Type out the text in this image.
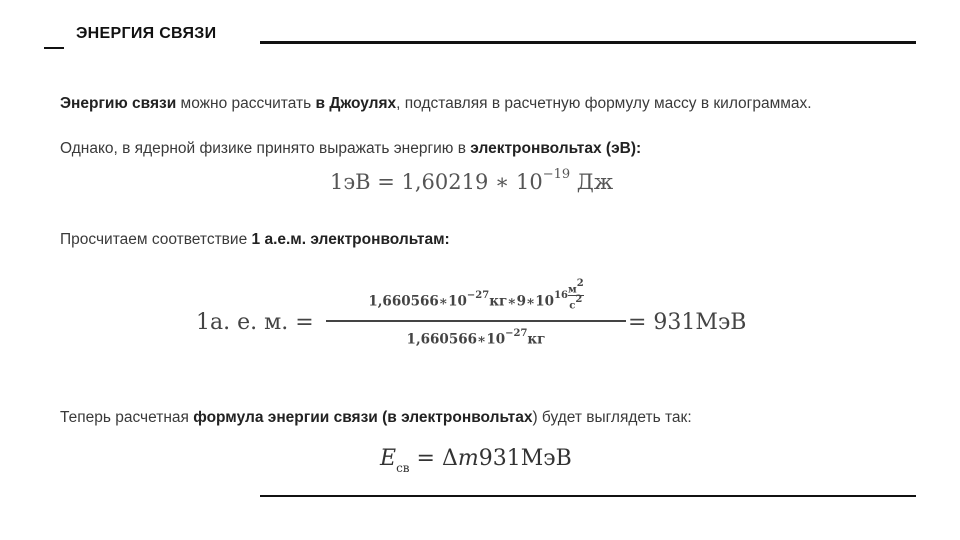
ЭНЕРГИЯ СВЯЗИ
Энергию связи можно рассчитать в Джоулях, подставляя в расчетную формулу массу в килограммах.
Однако, в ядерной физике принято выражать энергию в электронвольтах (эВ):
1эВ = 1,60219 ∗ $10^{-19}$ Дж
Просчитаем соответствие 1 а.е.м. электронвольтам:
1а. е. м. =
$1,660566∗10^{-27}кг∗9∗10^{16}$ $м^2$
$с^2$
$1,660566∗10^{-27}кг$
= 931МэВ
Теперь расчетная формула энергии связи (в электронвольтах) будет выглядеть так:
$E_{св} = \Delta m931МэВ$
